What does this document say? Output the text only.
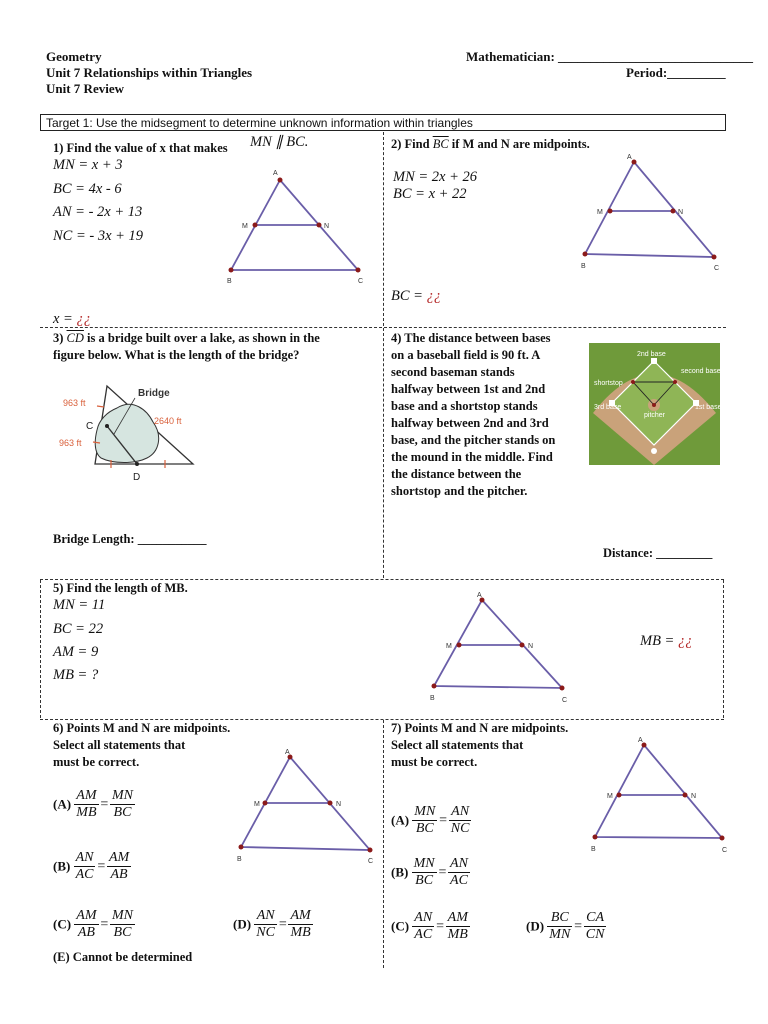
Geometry
Unit 7 Relationships within Triangles
Unit 7 Review
Mathematician: ______________________________
Period:_________
Target 1: Use the midsegment to determine unknown information within triangles
1) Find the value of x that makes MN ∥ BC.
MN = x + 3
BC = 4x - 6
AN = - 2x + 13
NC = - 3x + 19
x = ¿¿
A
M	N
B	C
2) Find $\overline{BC}$ if M and N are midpoints.
MN = 2x + 26
BC = x + 22
BC = ¿¿
A
M	N
B	C
3) $\overline{CD}$ is a bridge built over a lake, as shown in the
figure below. What is the length of the bridge?
Bridge
963 ft
963 ft
2640 ft
C
D
Bridge Length: ___________
4) The distance between bases
on a baseball field is 90 ft. A
second baseman stands
halfway between 1st and 2nd
base and a shortstop stands
halfway between 2nd and 3rd
base, and the pitcher stands on
the mound in the middle. Find
the distance between the
shortstop and the pitcher.
2nd base
shortstop
3rd base
pitcher
second baseman
1st base
Distance: _________
5) Find the length of MB.
MN = 11
BC = 22
AM = 9
MB = ?
MB = ¿¿
A
M	N
B	C
6) Points M and N are midpoints.
Select all statements that
must be correct.
A
M	N
B	C
$(A) \frac{AM}{MB} = \frac{MN}{BC}$
$(B) \frac{AN}{AC} = \frac{AM}{AB}$
$(C) \frac{AM}{AB} = \frac{MN}{BC}$	$(D) \frac{AN}{NC} = \frac{AM}{MB}$
(E) Cannot be determined
7) Points M and N are midpoints.
Select all statements that
must be correct.
A
M	N
B	C
$(A) \frac{MN}{BC} = \frac{AN}{NC}$
$(B) \frac{MN}{BC} = \frac{AN}{AC}$
$(C) \frac{AN}{AC} = \frac{AM}{MB}$	$(D) \frac{BC}{MN} = \frac{CA}{CN}$
